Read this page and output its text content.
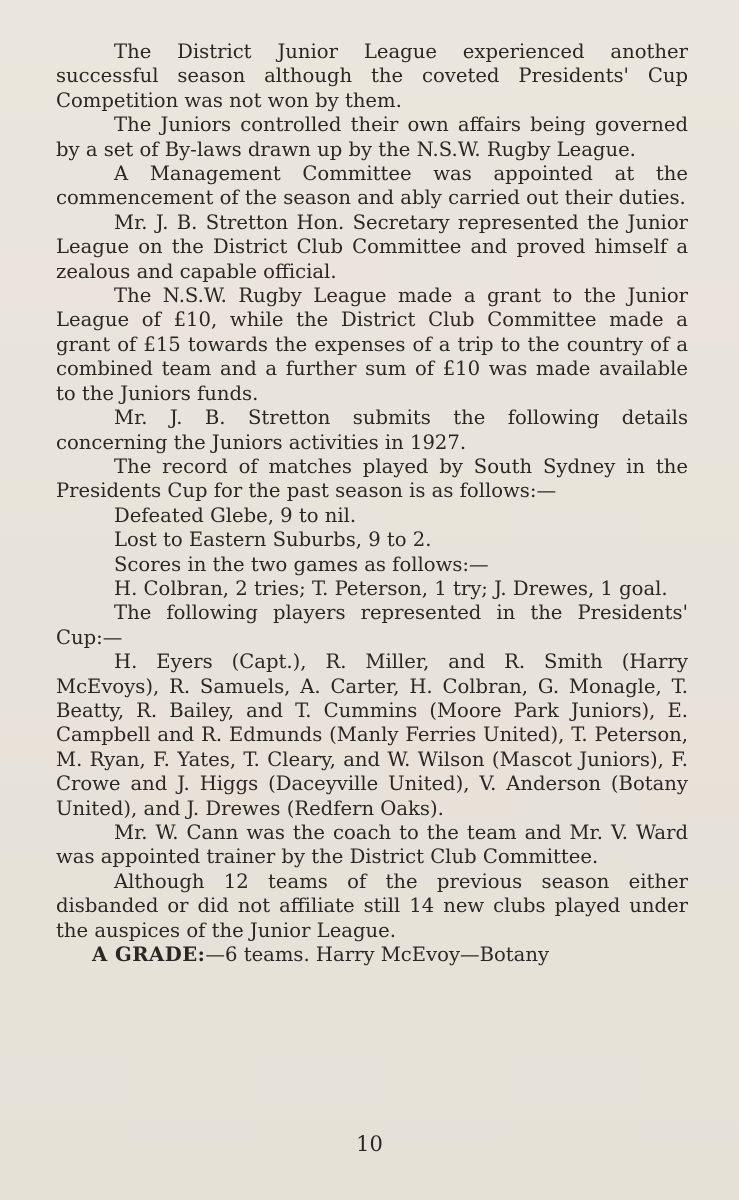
The District Junior League experienced another successful season although the coveted Presidents' Cup Competition was not won by them.

The Juniors controlled their own affairs being governed by a set of By-laws drawn up by the N.S.W. Rugby League.

A Management Committee was appointed at the commencement of the season and ably carried out their duties.

Mr. J. B. Stretton Hon. Secretary represented the Junior League on the District Club Committee and proved himself a zealous and capable official.

The N.S.W. Rugby League made a grant to the Junior League of £10, while the District Club Committee made a grant of £15 towards the expenses of a trip to the country of a combined team and a further sum of £10 was made available to the Juniors funds.

Mr. J. B. Stretton submits the following details concerning the Juniors activities in 1927.

The record of matches played by South Sydney in the Presidents Cup for the past season is as follows:—

Defeated Glebe, 9 to nil.

Lost to Eastern Suburbs, 9 to 2.

Scores in the two games as follows:—

H. Colbran, 2 tries; T. Peterson, 1 try; J. Drewes, 1 goal.

The following players represented in the Presidents' Cup:—

H. Eyers (Capt.), R. Miller, and R. Smith (Harry McEvoys), R. Samuels, A. Carter, H. Colbran, G. Monagle, T. Beatty, R. Bailey, and T. Cummins (Moore Park Juniors), E. Campbell and R. Edmunds (Manly Ferries United), T. Peterson, M. Ryan, F. Yates, T. Cleary, and W. Wilson (Mascot Juniors), F. Crowe and J. Higgs (Daceyville United), V. Anderson (Botany United), and J. Drewes (Redfern Oaks).

Mr. W. Cann was the coach to the team and Mr. V. Ward was appointed trainer by the District Club Committee.

Although 12 teams of the previous season either disbanded or did not affiliate still 14 new clubs played under the auspices of the Junior League.

A GRADE:—6 teams. Harry McEvoy—Botany

10
